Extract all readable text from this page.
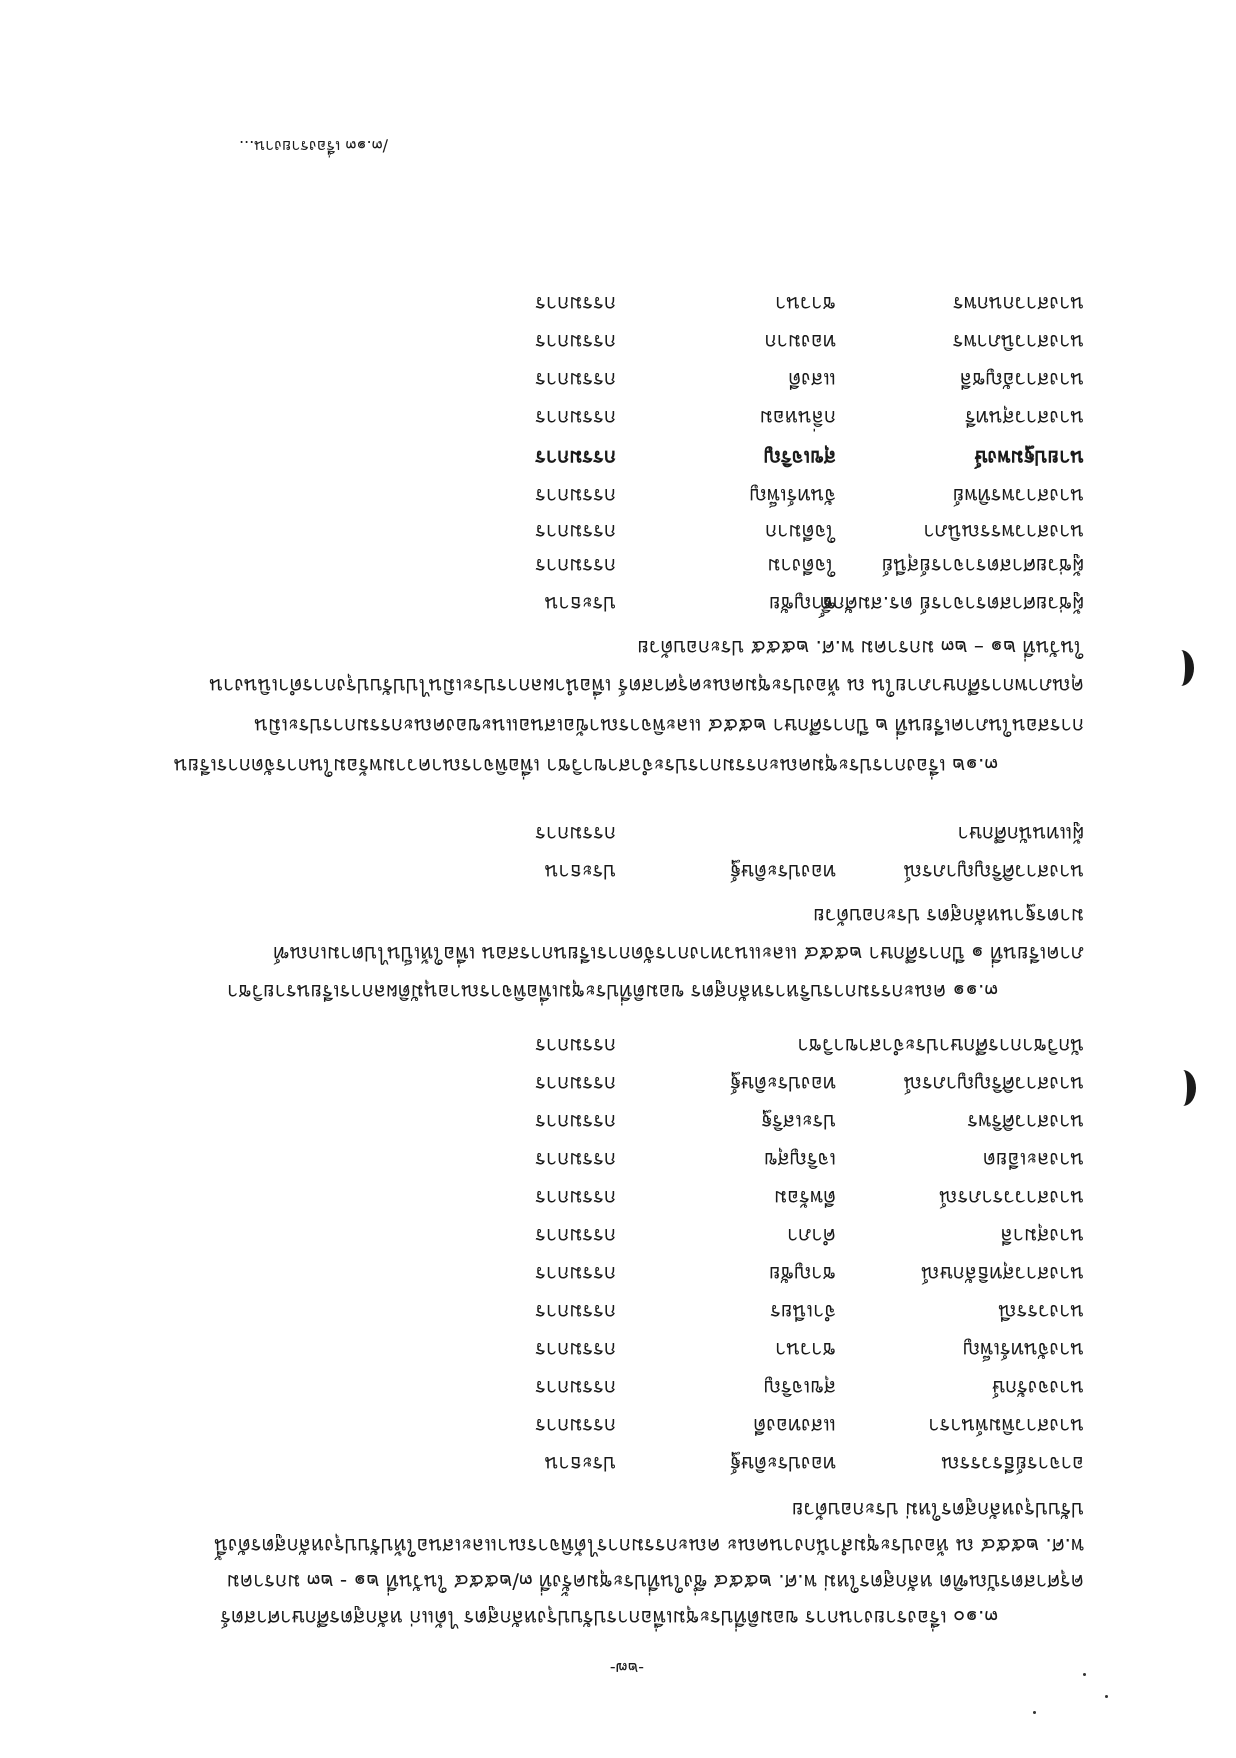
-๒๗-
๓.๑๐ เรื่องรายงานการ ขอมติที่ประชุมเพื่อการปรับปรุงหลักสูตร ได้แก่ หลักสูตรศึกษาศาสตร์
ครุศาสตรบัณฑิต หลักสูตรใหม่ พ.ศ. ๒๕๕๔ ซึ่งในที่ประชุมครั้งที่ ๓/๒๕๕๔ ในวันที่ ๒๑ - ๒๓ มกราคม
พ.ศ. ๒๕๕๔ ณ ห้องประชุมสำนักงานคณะ คณะกรรมการได้พิจารณาและเสนอให้ปรับปรุงหลักสูตรดังนี้
ปรับปรุงหลักสูตรใหม่ ประกอบด้วย
อาจารย์ธีรวรรณ
ทองประดิษฐ์
ประธาน
นางสาวพิมพ์นารา
แสงทองดี
กรรมการ
นางจงรักษ์
สุขเจริญ
กรรมการ
นางจันทร์เพ็ญ
ชาวนา
กรรมการ
นางวรรณี
จำเนียร
กรรมการ
นางสาวสุทธิลักษณ์
ชาญชัย
กรรมการ
นางสุมาลี
คำภา
กรรมการ
นางสาววราภรณ์
ดีพร้อม
กรรมการ
นางละเอียด
เจริญสุข
กรรมการ
นางสาวศิริพร
ประเสริฐ
กรรมการ
นางสาวศิริญญาภรณ์
ทองประดิษฐ์
กรรมการ
นักวิชาการศึกษาประจำสาขาวิชา
กรรมการ
๓.๑๑ คณะกรรมการบริหารหลักสูตร ขอมติที่ประชุมเพื่อพิจารณาอนุมัติผลการเรียนรายวิชา
ภาคเรียนที่ ๑ ปีการศึกษา ๒๕๕๔ และแนวทางการจัดการเรียนการสอน เพื่อให้เป็นไปตามเกณฑ์
มาตรฐานหลักสูตร ประกอบด้วย
นางสาวศิริญญาภรณ์
ทองประดิษฐ์
ประธาน
ผู้แทนนักศึกษา
กรรมการ
๓.๑๒ เรื่องการประชุมคณะกรรมการประจำสาขาวิชา เพื่อพิจารณาความพร้อมในการจัดการเรียน
การสอนในภาคเรียนที่ ๒ ปีการศึกษา ๒๕๕๔ และพิจารณาข้อเสนอแนะของคณะกรรมการประเมิน
คุณภาพการศึกษาภายใน ณ ห้องประชุมคณะครุศาสตร์ เพื่อนำผลการประเมินไปปรับปรุงการดำเนินงาน
ในวันที่ ๒๑ – ๒๓ มกราคม พ.ศ. ๒๕๕๕ ประกอบด้วย
ผู้ช่วยศาสตราจารย์ ดร.สมศักดิ์
ชาญชัย
ประธาน
ผู้ช่วยศาสตราจารย์สุนีย์
ใจดีงาม
กรรมการ
นางสาวพรรณนิภา
ใจดีมาก
กรรมการ
นางสาวพรทิพย์
จันทร์เพ็ญ
กรรมการ
นายปฐมพงษ์
สุขเจริญ
กรรมการ
นางสาวสุนทรี
กลิ่นหอม
กรรมการ
นางสาวอัญชลี
แสงดี
กรรมการ
นางสาวนิภาพร
ทองมาก
กรรมการ
นางสาวกนกพร
ชาวนา
กรรมการ
/๓.๑๓ เรื่องรายงาน...
